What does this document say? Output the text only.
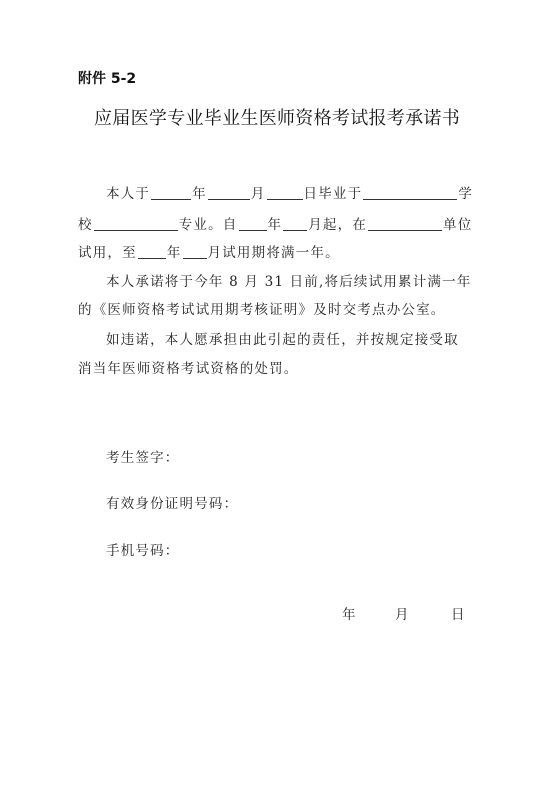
附件 5-2
应届医学专业毕业生医师资格考试报考承诺书
本人于	年	月	日毕业于	学
校	专业。自 年 月起，在	单位
试用，至 年 月试用期将满一年。
本人承诺将于今年 8 月 31 日前,将后续试用累计满一年
的《医师资格考试试用期考核证明》及时交考点办公室。
如违诺，本人愿承担由此引起的责任，并按规定接受取
消当年医师资格考试资格的处罚。
考生签字：
有效身份证明号码：
手机号码：
年	月	日
